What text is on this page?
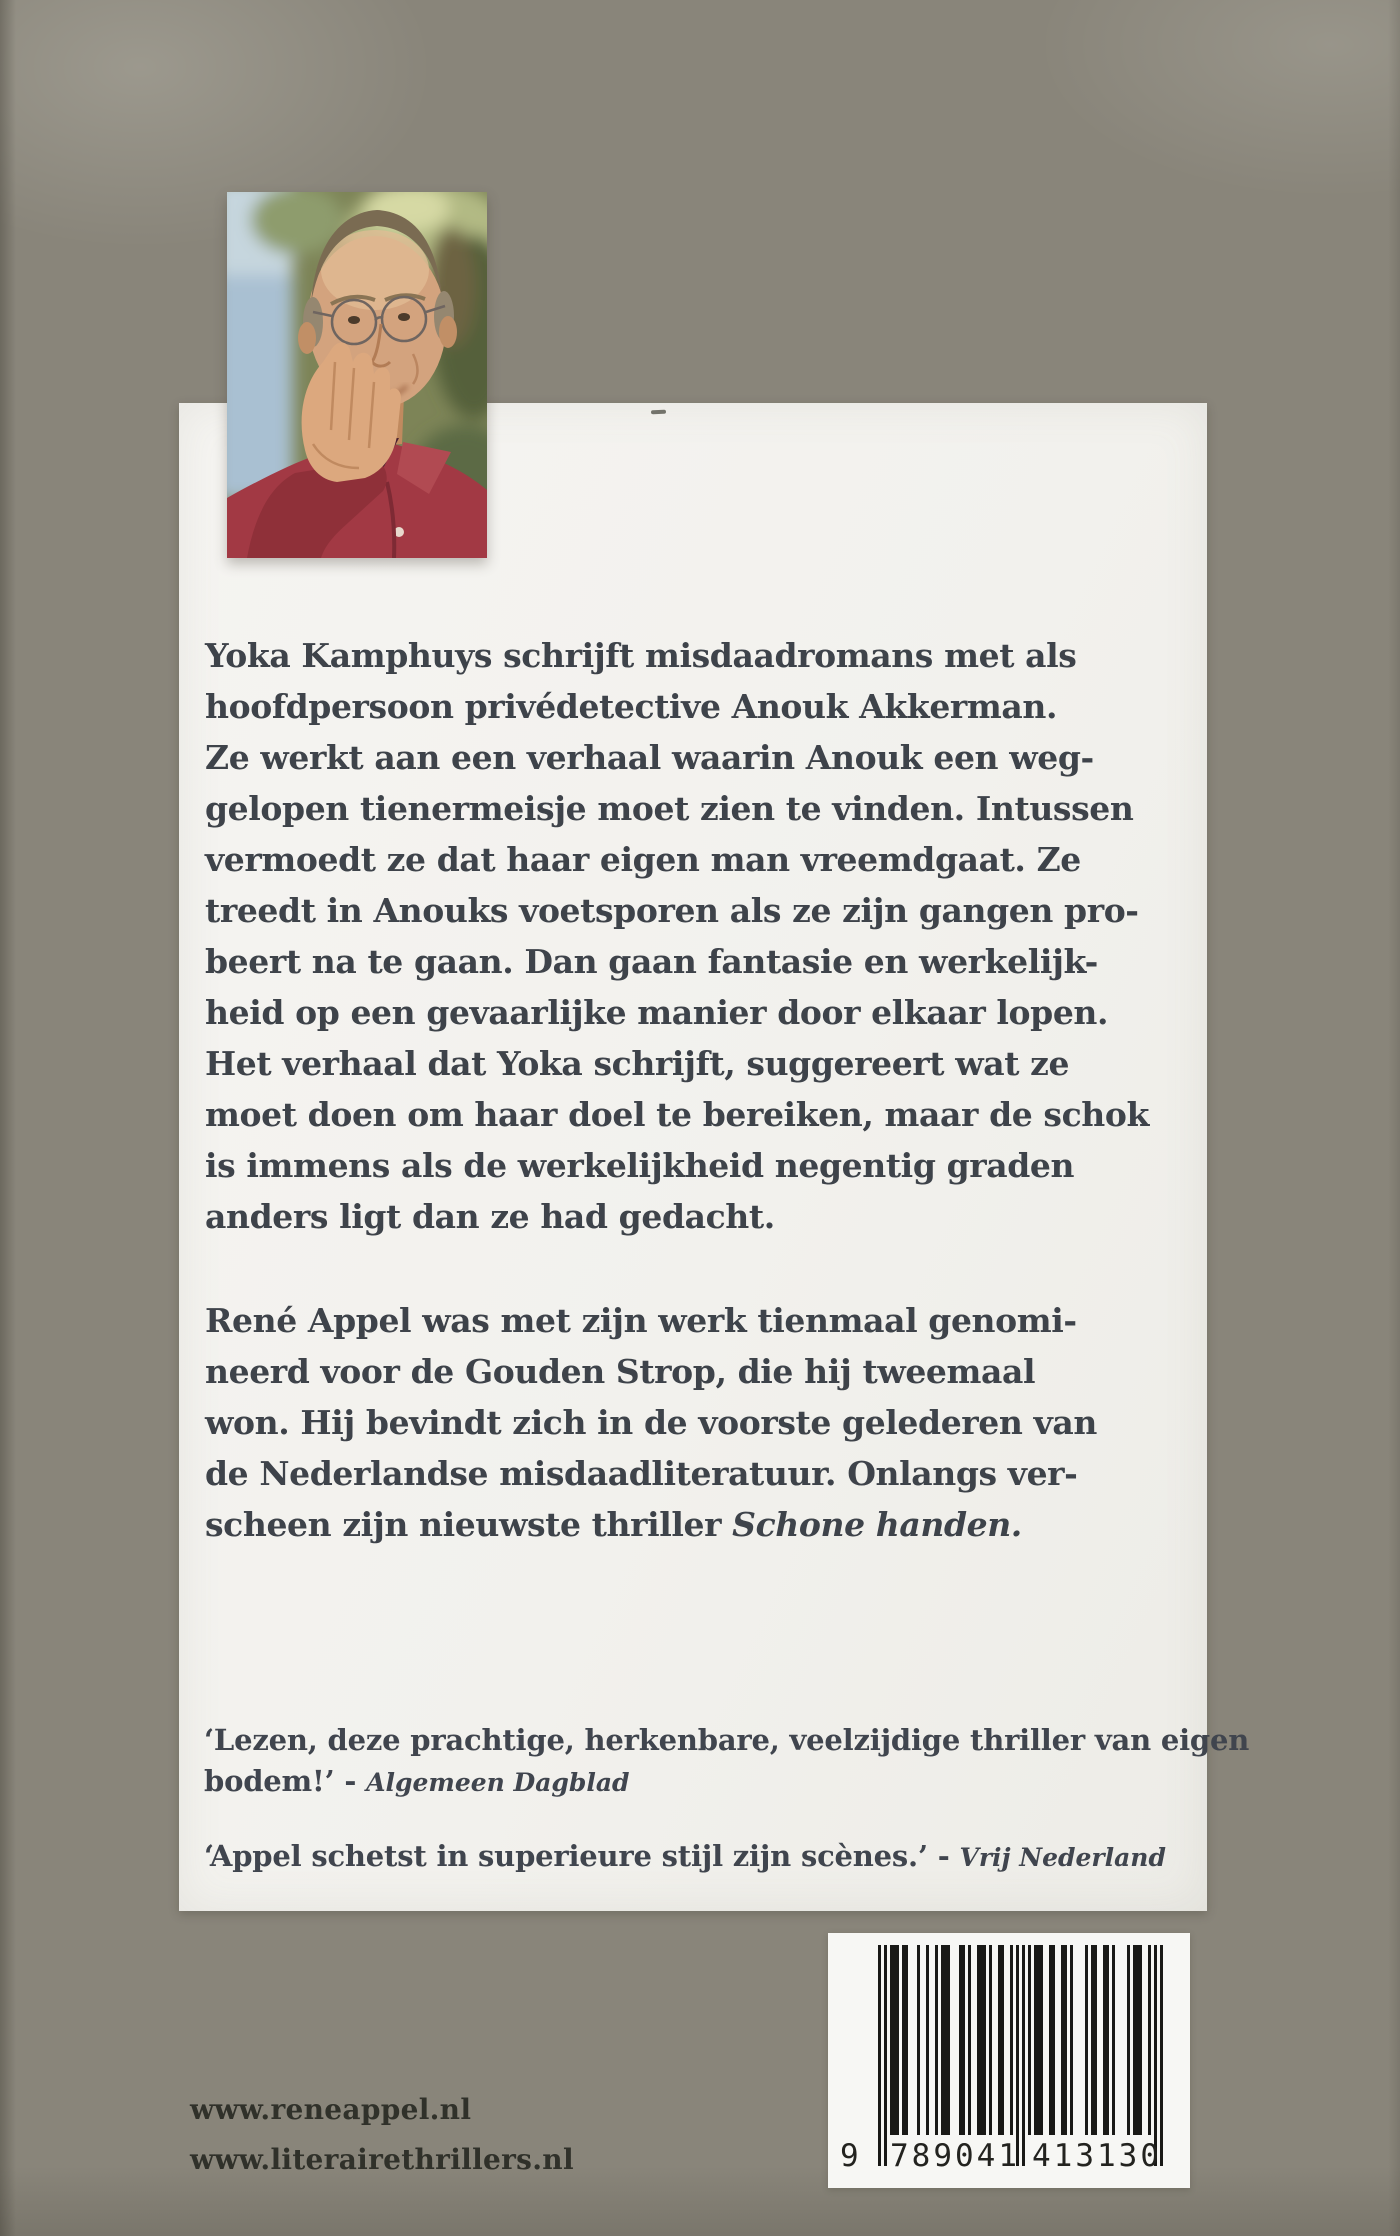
Yoka Kamphuys schrijft misdaadromans met als
hoofdpersoon privédetective Anouk Akkerman.
Ze werkt aan een verhaal waarin Anouk een weg-
gelopen tienermeisje moet zien te vinden. Intussen
vermoedt ze dat haar eigen man vreemdgaat. Ze
treedt in Anouks voetsporen als ze zijn gangen pro-
beert na te gaan. Dan gaan fantasie en werkelijk-
heid op een gevaarlijke manier door elkaar lopen.
Het verhaal dat Yoka schrijft, suggereert wat ze
moet doen om haar doel te bereiken, maar de schok
is immens als de werkelijkheid negentig graden
anders ligt dan ze had gedacht.
René Appel was met zijn werk tienmaal genomi-
neerd voor de Gouden Strop, die hij tweemaal
won. Hij bevindt zich in de voorste gelederen van
de Nederlandse misdaadliteratuur. Onlangs ver-
scheen zijn nieuwste thriller Schone handen.
‘Lezen, deze prachtige, herkenbare, veelzijdige thriller van eigen
bodem!’ - Algemeen Dagblad
‘Appel schetst in superieure stijl zijn scènes.’ - Vrij Nederland
www.reneappel.nl
www.literairethrillers.nl	9 789041 413130
